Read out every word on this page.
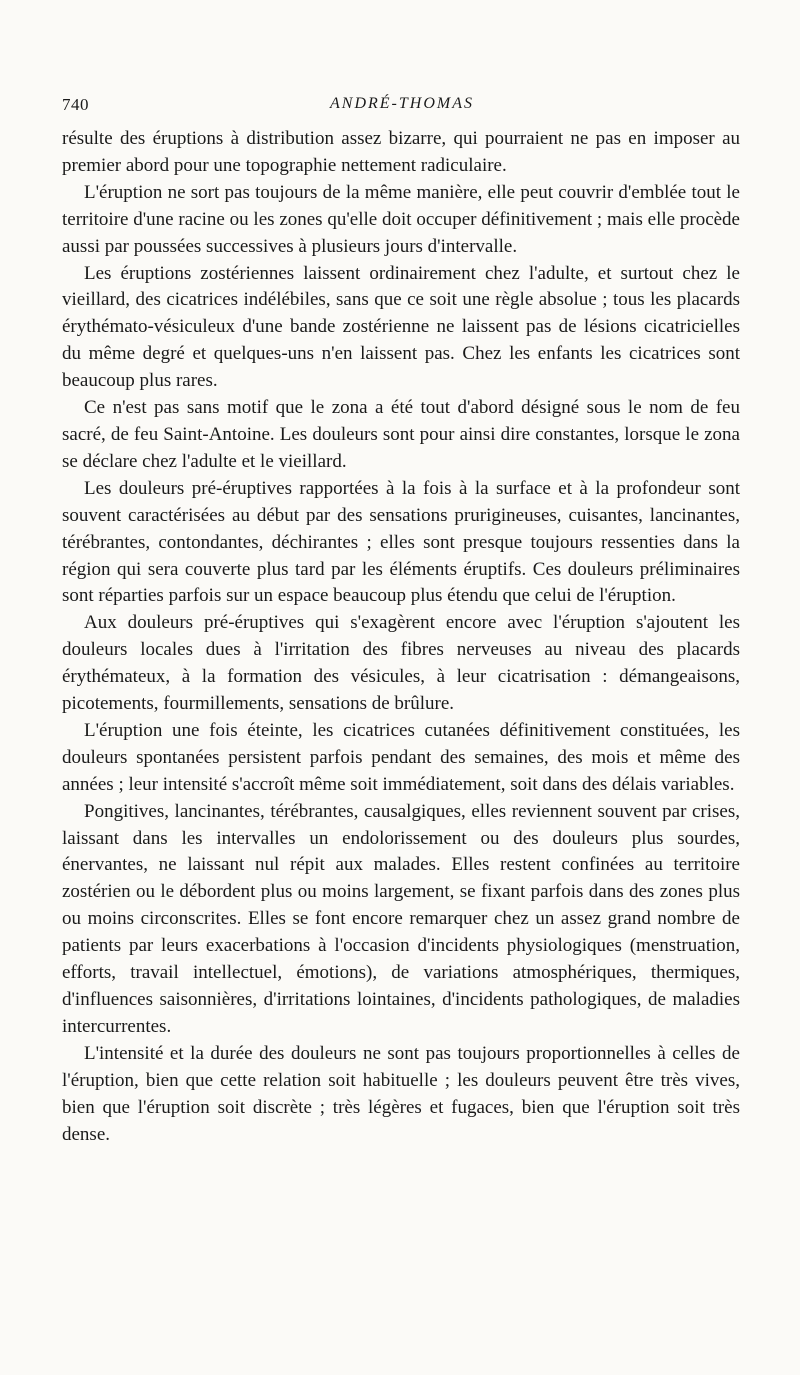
740	ANDRÉ-THOMAS

résulte des éruptions à distribution assez bizarre, qui pourraient ne pas en imposer au premier abord pour une topographie nettement radiculaire.

L'éruption ne sort pas toujours de la même manière, elle peut couvrir d'emblée tout le territoire d'une racine ou les zones qu'elle doit occuper définitivement ; mais elle procède aussi par poussées successives à plusieurs jours d'intervalle.

Les éruptions zostériennes laissent ordinairement chez l'adulte, et surtout chez le vieillard, des cicatrices indélébiles, sans que ce soit une règle absolue ; tous les placards érythémato-vésiculeux d'une bande zostérienne ne laissent pas de lésions cicatricielles du même degré et quelques-uns n'en laissent pas. Chez les enfants les cicatrices sont beaucoup plus rares.

Ce n'est pas sans motif que le zona a été tout d'abord désigné sous le nom de feu sacré, de feu Saint-Antoine. Les douleurs sont pour ainsi dire constantes, lorsque le zona se déclare chez l'adulte et le vieillard.

Les douleurs pré-éruptives rapportées à la fois à la surface et à la profondeur sont souvent caractérisées au début par des sensations prurigineuses, cuisantes, lancinantes, térébrantes, contondantes, déchirantes ; elles sont presque toujours ressenties dans la région qui sera couverte plus tard par les éléments éruptifs. Ces douleurs préliminaires sont réparties parfois sur un espace beaucoup plus étendu que celui de l'éruption.

Aux douleurs pré-éruptives qui s'exagèrent encore avec l'éruption s'ajoutent les douleurs locales dues à l'irritation des fibres nerveuses au niveau des placards érythémateux, à la formation des vésicules, à leur cicatrisation : démangeaisons, picotements, fourmillements, sensations de brûlure.

L'éruption une fois éteinte, les cicatrices cutanées définitivement constituées, les douleurs spontanées persistent parfois pendant des semaines, des mois et même des années ; leur intensité s'accroît même soit immédiatement, soit dans des délais variables.

Pongitives, lancinantes, térébrantes, causalgiques, elles reviennent souvent par crises, laissant dans les intervalles un endolorissement ou des douleurs plus sourdes, énervantes, ne laissant nul répit aux malades. Elles restent confinées au territoire zostérien ou le débordent plus ou moins largement, se fixant parfois dans des zones plus ou moins circonscrites. Elles se font encore remarquer chez un assez grand nombre de patients par leurs exacerbations à l'occasion d'incidents physiologiques (menstruation, efforts, travail intellectuel, émotions), de variations atmosphériques, thermiques, d'influences saisonnières, d'irritations lointaines, d'incidents pathologiques, de maladies intercurrentes.

L'intensité et la durée des douleurs ne sont pas toujours proportionnelles à celles de l'éruption, bien que cette relation soit habituelle ; les douleurs peuvent être très vives, bien que l'éruption soit discrète ; très légères et fugaces, bien que l'éruption soit très dense.
